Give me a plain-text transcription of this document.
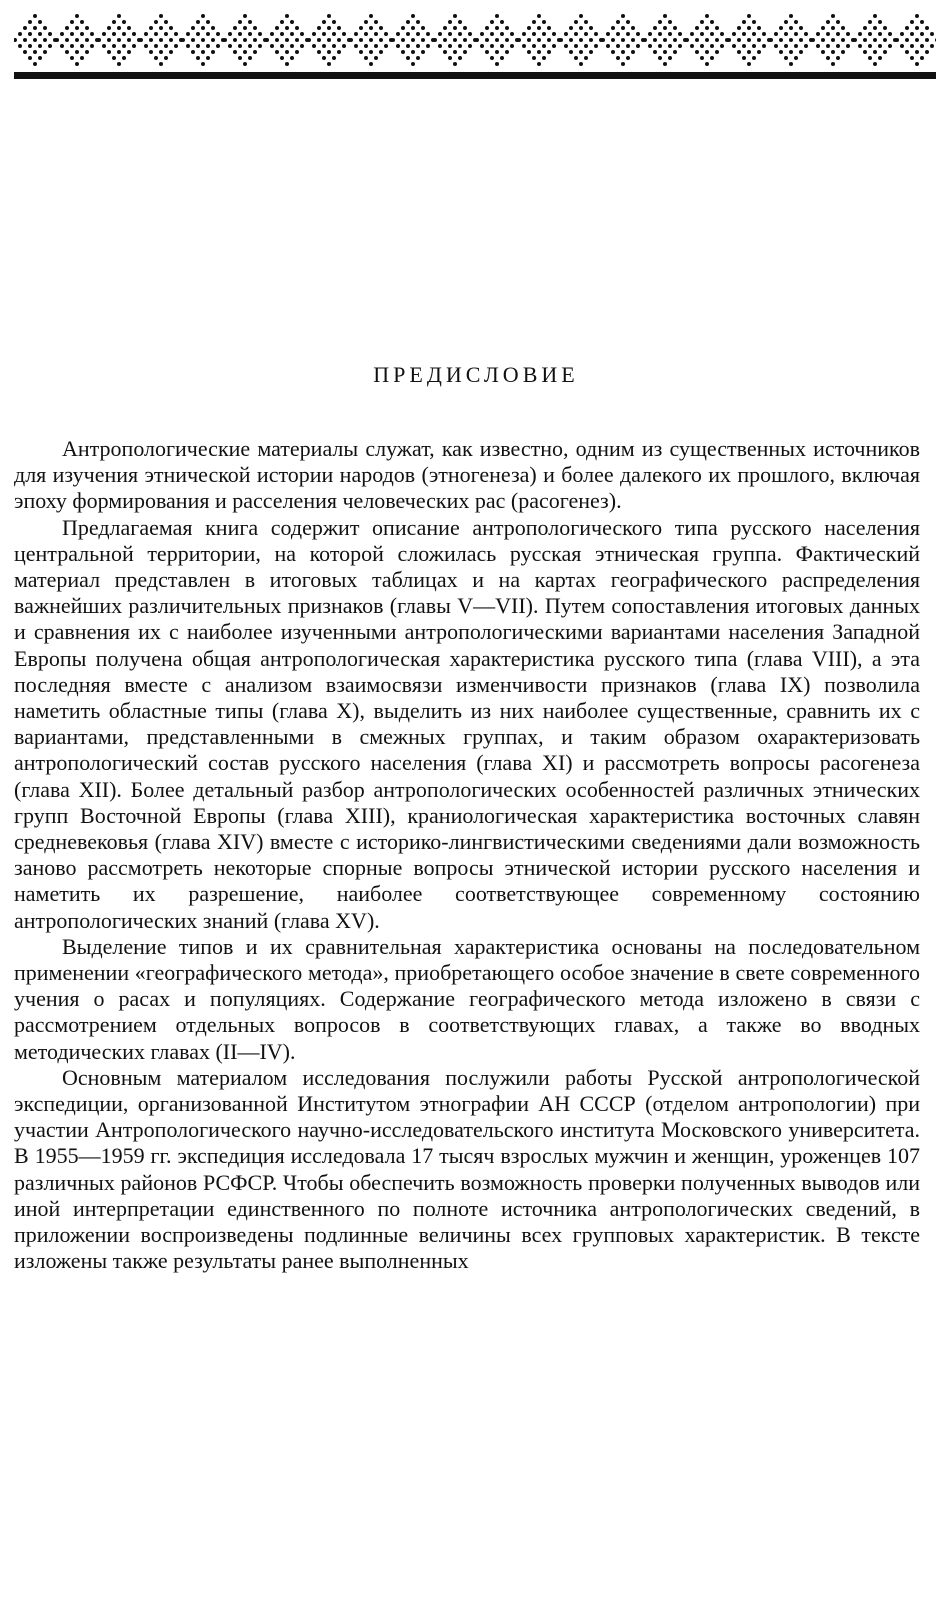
ПРЕДИСЛОВИЕ

Антропологические материалы служат, как известно, одним из существенных источников для изучения этнической истории народов (этногенеза) и более далекого их прошлого, включая эпоху формирования и расселения человеческих рас (расогенез).

Предлагаемая книга содержит описание антропологического типа русского населения центральной территории, на которой сложилась русская этническая группа. Фактический материал представлен в итоговых таблицах и на картах географического распределения важнейших различительных признаков (главы V—VII). Путем сопоставления итоговых данных и сравнения их с наиболее изученными антропологическими вариантами населения Западной Европы получена общая антропологическая характеристика русского типа (глава VIII), а эта последняя вместе с анализом взаимосвязи изменчивости признаков (глава IX) позволила наметить областные типы (глава X), выделить из них наиболее существенные, сравнить их с вариантами, представленными в смежных группах, и таким образом охарактеризовать антропологический состав русского населения (глава XI) и рассмотреть вопросы расогенеза (глава XII). Более детальный разбор антропологических особенностей различных этнических групп Восточной Европы (глава XIII), краниологическая характеристика восточных славян средневековья (глава XIV) вместе с историко-лингвистическими сведениями дали возможность заново рассмотреть некоторые спорные вопросы этнической истории русского населения и наметить их разрешение, наиболее соответствующее современному состоянию антропологических знаний (глава XV).

Выделение типов и их сравнительная характеристика основаны на последовательном применении «географического метода», приобретающего особое значение в свете современного учения о расах и популяциях. Содержание географического метода изложено в связи с рассмотрением отдельных вопросов в соответствующих главах, а также во вводных методических главах (II—IV).

Основным материалом исследования послужили работы Русской антропологической экспедиции, организованной Институтом этнографии АН СССР (отделом антропологии) при участии Антропологического научно-исследовательского института Московского университета. В 1955—1959 гг. экспедиция исследовала 17 тысяч взрослых мужчин и женщин, уроженцев 107 различных районов РСФСР. Чтобы обеспечить возможность проверки полученных выводов или иной интерпретации единственного по полноте источника антропологических сведений, в приложении воспроизведены подлинные величины всех групповых характеристик. В тексте изложены также результаты ранее выполненных
